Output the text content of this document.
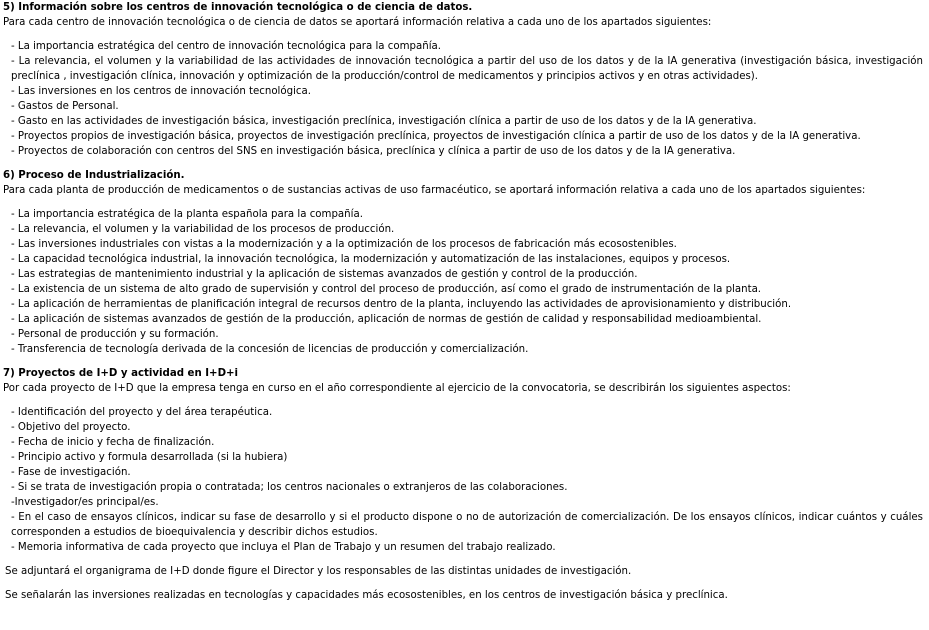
5) Información sobre los centros de innovación tecnológica o de ciencia de datos.

Para cada centro de innovación tecnológica o de ciencia de datos se aportará información relativa a cada uno de los apartados siguientes:

- La importancia estratégica del centro de innovación tecnológica para la compañía.
- La relevancia, el volumen y la variabilidad de las actividades de innovación tecnológica a partir del uso de los datos y de la IA generativa (investigación básica, investigación preclínica , investigación clínica, innovación y optimización de la producción/control de medicamentos y principios activos y en otras actividades).
- Las inversiones en los centros de innovación tecnológica.
- Gastos de Personal.
- Gasto en las actividades de investigación básica, investigación preclínica, investigación clínica a partir de uso de los datos y de la IA generativa.
- Proyectos propios de investigación básica, proyectos de investigación preclínica, proyectos de investigación clínica a partir de uso de los datos y de la IA generativa.
- Proyectos de colaboración con centros del SNS en investigación básica, preclínica y clínica a partir de uso de los datos y de la IA generativa.

6) Proceso de Industrialización.

Para cada planta de producción de medicamentos o de sustancias activas de uso farmacéutico, se aportará información relativa a cada uno de los apartados siguientes:

- La importancia estratégica de la planta española para la compañía.
- La relevancia, el volumen y la variabilidad de los procesos de producción.
- Las inversiones industriales con vistas a la modernización y a la optimización de los procesos de fabricación más ecosostenibles.
- La capacidad tecnológica industrial, la innovación tecnológica, la modernización y automatización de las instalaciones, equipos y procesos.
- Las estrategias de mantenimiento industrial y la aplicación de sistemas avanzados de gestión y control de la producción.
- La existencia de un sistema de alto grado de supervisión y control del proceso de producción, así como el grado de instrumentación de la planta.
- La aplicación de herramientas de planificación integral de recursos dentro de la planta, incluyendo las actividades de aprovisionamiento y distribución.
- La aplicación de sistemas avanzados de gestión de la producción, aplicación de normas de gestión de calidad y responsabilidad medioambiental.
- Personal de producción y su formación.
- Transferencia de tecnología derivada de la concesión de licencias de producción y comercialización.

7) Proyectos de I+D y actividad en I+D+i

Por cada proyecto de I+D que la empresa tenga en curso en el año correspondiente al ejercicio de la convocatoria, se describirán los siguientes aspectos:

- Identificación del proyecto y del área terapéutica.
- Objetivo del proyecto.
- Fecha de inicio y fecha de finalización.
- Principio activo y formula desarrollada (si la hubiera)
- Fase de investigación.
- Si se trata de investigación propia o contratada; los centros nacionales o extranjeros de las colaboraciones.
-Investigador/es principal/es.
- En el caso de ensayos clínicos, indicar su fase de desarrollo y si el producto dispone o no de autorización de comercialización. De los ensayos clínicos, indicar cuántos y cuáles corresponden a estudios de bioequivalencia y describir dichos estudios.
- Memoria informativa de cada proyecto que incluya el Plan de Trabajo y un resumen del trabajo realizado.

Se adjuntará el organigrama de I+D donde figure el Director y los responsables de las distintas unidades de investigación.

Se señalarán las inversiones realizadas en tecnologías y capacidades más ecosostenibles, en los centros de investigación básica y preclínica.
